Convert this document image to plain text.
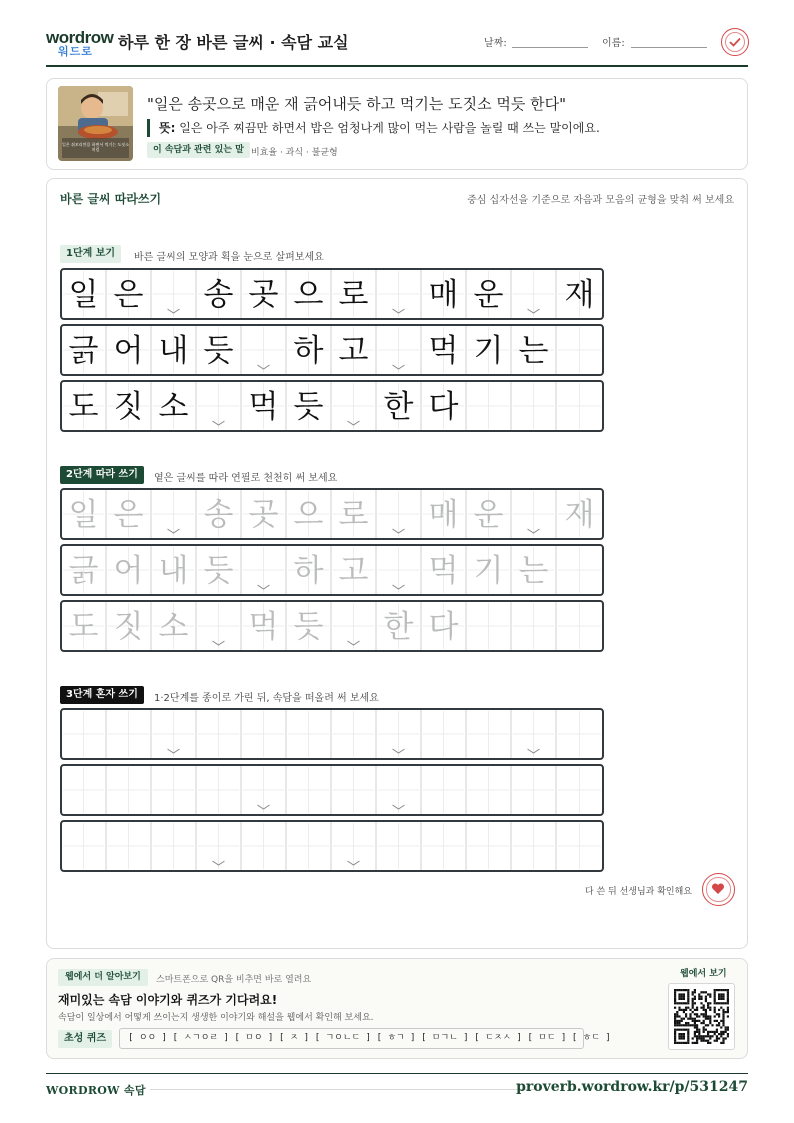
wordrow
워드로 하루 한 장 바른 글씨 · 속담 교실	날짜:	이름:
일은 쥐꼬리만큼 하면서 먹기는 도짓소처럼
"일은 송곳으로 매운 재 긁어내듯 하고 먹기는 도짓소 먹듯 한다"
뜻: 일은 아주 찌끔만 하면서 밥은 엄청나게 많이 먹는 사람을 놀릴 때 쓰는 말이에요.
이 속담과 관련 있는 말 비효율 · 과식 · 불균형
바른 글씨 따라쓰기	중심 십자선을 기준으로 자음과 모음의 균형을 맞춰 써 보세요
1단계 보기	바른 글씨의 모양과 획을 눈으로 살펴보세요
2단계 따라 쓰기	옅은 글씨를 따라 연필로 천천히 써 보세요
3단계 혼자 쓰기	1·2단계를 종이로 가린 뒤, 속담을 떠올려 써 보세요
일 은 송 곳 으 로 매 운 재
긁 어 내 듯 하 고 먹 기 는
도 짓 소 먹 듯 한 다
일 은 송 곳 으 로 매 운 재
긁 어 내 듯 하 고 먹 기 는
도 짓 소 먹 듯 한 다
다 쓴 뒤 선생님과 확인해요
웹에서 더 알아보기	스마트폰으로 QR을 비추면 바로 열려요
재미있는 속담 이야기와 퀴즈가 기다려요!
속담이 일상에서 어떻게 쓰이는지 생생한 이야기와 해설을 웹에서 확인해 보세요.
초성 퀴즈	[ ㅇㅇ ] [ ㅅㄱㅇㄹ ] [ ㅁㅇ ] [ ㅈ ] [ ㄱㅇㄴㄷ ] [ ㅎㄱ ] [ ㅁㄱㄴ ] [ ㄷㅈㅅ ] [ ㅁㄷ ] [ ㅎㄷ ]
웹에서 보기
WORDROW 속담	proverb.wordrow.kr/p/531247
